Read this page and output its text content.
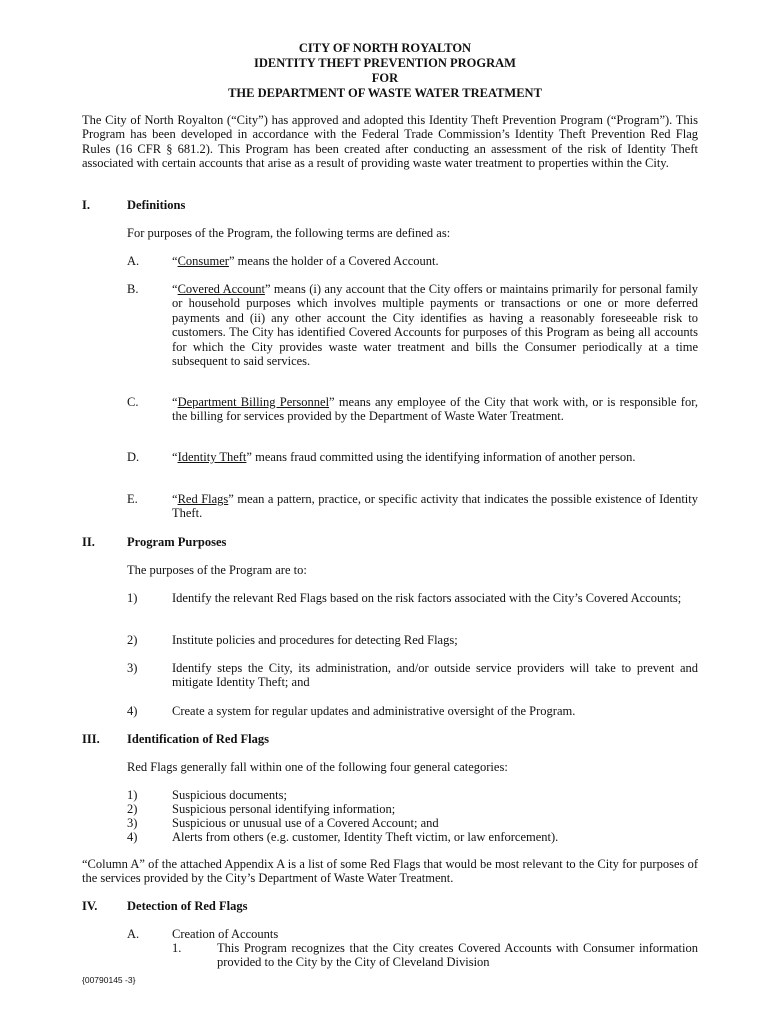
CITY OF NORTH ROYALTON
IDENTITY THEFT PREVENTION PROGRAM
FOR
THE DEPARTMENT OF WASTE WATER TREATMENT
The City of North Royalton (“City”) has approved and adopted this Identity Theft Prevention Program (“Program”). This Program has been developed in accordance with the Federal Trade Commission’s Identity Theft Prevention Red Flag Rules (16 CFR § 681.2). This Program has been created after conducting an assessment of the risk of Identity Theft associated with certain accounts that arise as a result of providing waste water treatment to properties within the City.
I.	Definitions
For purposes of the Program, the following terms are defined as:
A.	“Consumer” means the holder of a Covered Account.
B.	“Covered Account” means (i) any account that the City offers or maintains primarily for personal family or household purposes which involves multiple payments or transactions or one or more deferred payments and (ii) any other account the City identifies as having a reasonably foreseeable risk to customers. The City has identified Covered Accounts for purposes of this Program as being all accounts for which the City provides waste water treatment and bills the Consumer periodically at a time subsequent to said services.
C.	“Department Billing Personnel” means any employee of the City that work with, or is responsible for, the billing for services provided by the Department of Waste Water Treatment.
D.	“Identity Theft” means fraud committed using the identifying information of another person.
E.	“Red Flags” mean a pattern, practice, or specific activity that indicates the possible existence of Identity Theft.
II.	Program Purposes
The purposes of the Program are to:
1)	Identify the relevant Red Flags based on the risk factors associated with the City’s Covered Accounts;
2)	Institute policies and procedures for detecting Red Flags;
3)	Identify steps the City, its administration, and/or outside service providers will take to prevent and mitigate Identity Theft; and
4)	Create a system for regular updates and administrative oversight of the Program.
III. Identification of Red Flags
Red Flags generally fall within one of the following four general categories:
1)	Suspicious documents;
2)	Suspicious personal identifying information;
3)	Suspicious or unusual use of a Covered Account; and
4)	Alerts from others (e.g. customer, Identity Theft victim, or law enforcement).
“Column A” of the attached Appendix A is a list of some Red Flags that would be most relevant to the City for purposes of the services provided by the City’s Department of Waste Water Treatment.
IV. Detection of Red Flags
A.	Creation of Accounts
1.	This Program recognizes that the City creates Covered Accounts with Consumer information provided to the City by the City of Cleveland Division
{00790145 -3}
